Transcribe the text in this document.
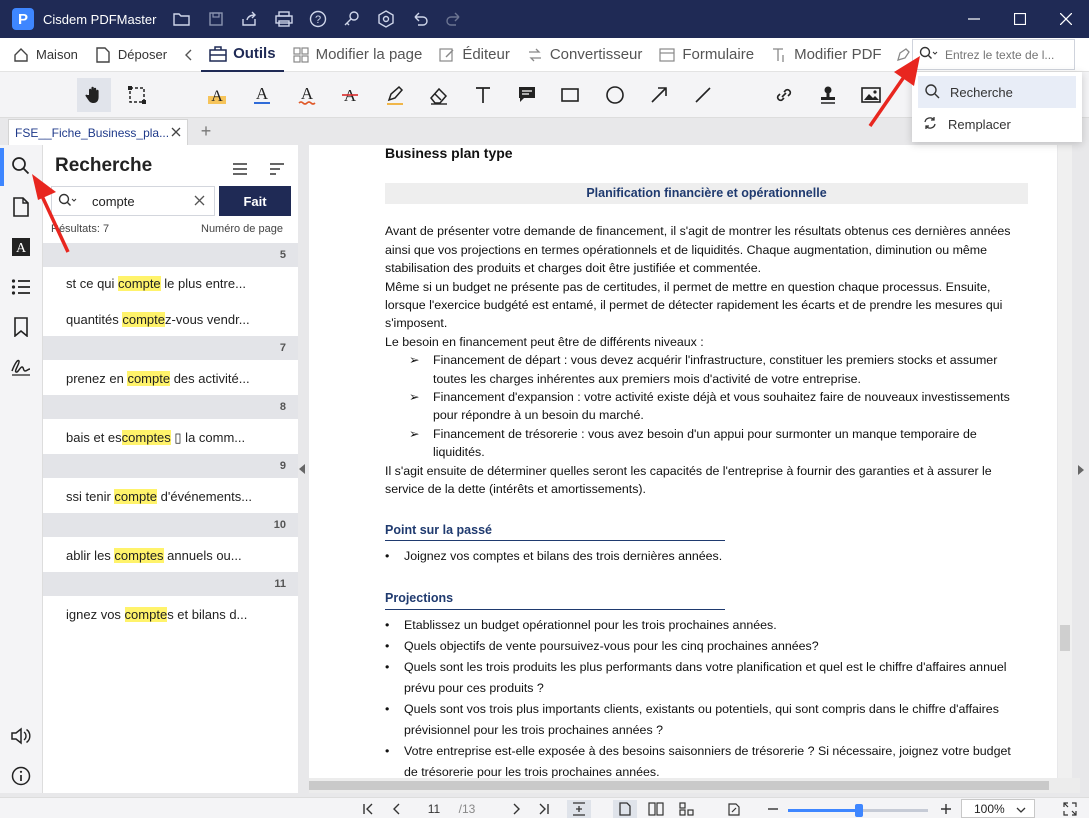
P	Cisdem PDFMaster	?
Maison	Déposer	Outils	Modifier la page	Éditeur	Convertisseur	Formulaire	Modifier PDF
Entrez le texte de l...
Recherche
Remplacer
A A A A
FSE__Fiche_Business_pla... +
A
Recherche
compte	Fait
Résultats: 7	Numéro de page
5
st ce qui compte le plus entre...
quantités comptez-vous vendr...
7
prenez en compte des activité...
8
bais et escomptes ▯ la comm...
9
ssi tenir compte d'événements...
10
ablir les comptes annuels ou...
11
ignez vos comptes et bilans d...
Business plan type
Planification financière et opérationnelle

Avant de présenter votre demande de financement, il s'agit de montrer les résultats obtenus ces dernières années ainsi que vos projections en termes opérationnels et de liquidités. Chaque augmentation, diminution ou même stabilisation des produits et charges doit être justifiée et commentée.

Même si un budget ne présente pas de certitudes, il permet de mettre en question chaque processus. Ensuite, lorsque l'exercice budgété est entamé, il permet de détecter rapidement les écarts et de prendre les mesures qui s'imposent.

Le besoin en financement peut être de différents niveaux :

➢ Financement de départ : vous devez acquérir l'infrastructure, constituer les premiers stocks et assumer toutes les charges inhérentes aux premiers mois d'activité de votre entreprise.
➢ Financement d'expansion : votre activité existe déjà et vous souhaitez faire de nouveaux investissements pour répondre à un besoin du marché.
➢ Financement de trésorerie : vous avez besoin d'un appui pour surmonter un manque temporaire de liquidités.

Il s'agit ensuite de déterminer quelles seront les capacités de l'entreprise à fournir des garanties et à assurer le service de la dette (intérêts et amortissements).

Point sur la passé
• Joignez vos comptes et bilans des trois dernières années.
Projections
• Etablissez un budget opérationnel pour les trois prochaines années.
• Quels objectifs de vente poursuivez-vous pour les cinq prochaines années?
• Quels sont les trois produits les plus performants dans votre planification et quel est le chiffre d'affaires annuel prévu pour ces produits ?
• Quels sont vos trois plus importants clients, existants ou potentiels, qui sont compris dans le chiffre d'affaires prévisionnel pour les trois prochaines années ?
• Votre entreprise est-elle exposée à des besoins saisonniers de trésorerie ? Si nécessaire, joignez votre budget de trésorerie pour les trois prochaines années.
11	/13	100%
